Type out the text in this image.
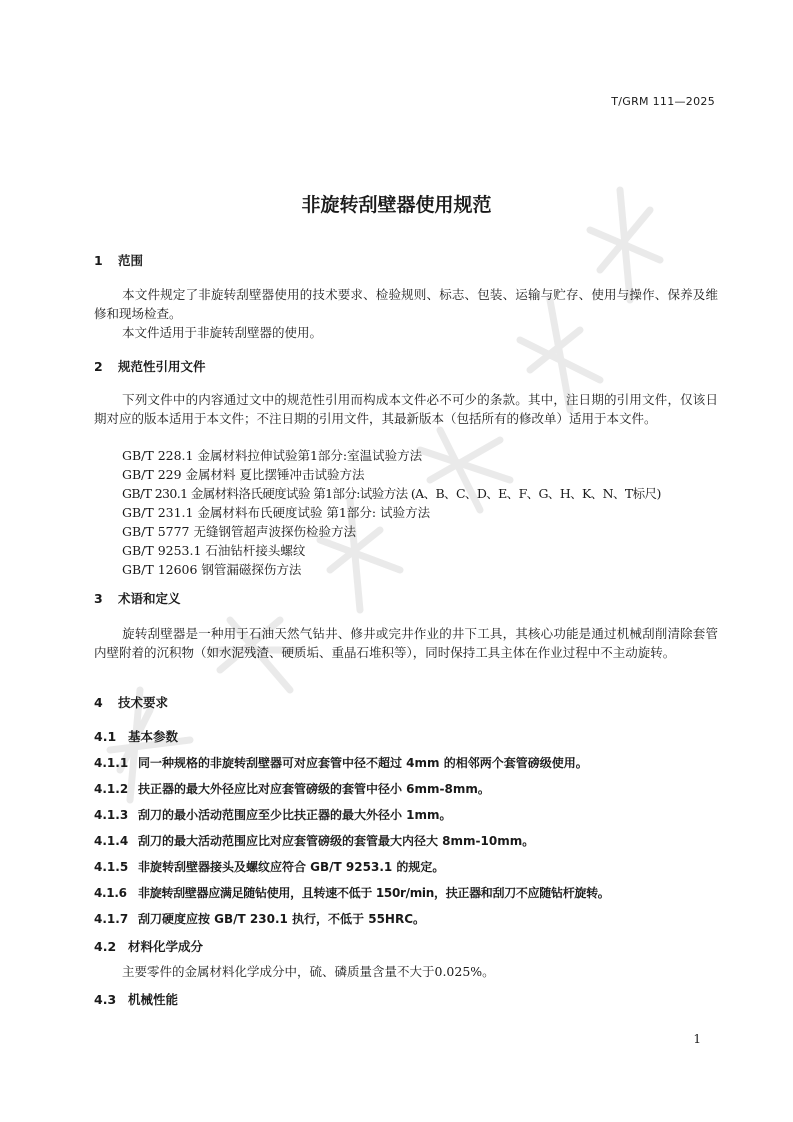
T/GRM 111—2025
非旋转刮壁器使用规范
1 范围
本文件规定了非旋转刮壁器使用的技术要求、检验规则、标志、包装、运输与贮存、使用与操作、保养及维修和现场检查。
本文件适用于非旋转刮壁器的使用。
2 规范性引用文件
下列文件中的内容通过文中的规范性引用而构成本文件必不可少的条款。其中，注日期的引用文件，仅该日期对应的版本适用于本文件；不注日期的引用文件，其最新版本（包括所有的修改单）适用于本文件。
GB/T 228.1 金属材料拉伸试验第1部分:室温试验方法
GB/T 229 金属材料 夏比摆锤冲击试验方法
GB/T 230.1 金属材料洛氏硬度试验 第1部分:试验方法 (A、B、C、D、E、F、G、H、K、N、T标尺)
GB/T 231.1 金属材料布氏硬度试验 第1部分: 试验方法
GB/T 5777 无缝钢管超声波探伤检验方法
GB/T 9253.1 石油钻杆接头螺纹
GB/T 12606 钢管漏磁探伤方法
3 术语和定义
旋转刮壁器是一种用于石油天然气钻井、修井或完井作业的井下工具，其核心功能是通过机械刮削清除套管内壁附着的沉积物（如水泥残渣、硬质垢、重晶石堆积等），同时保持工具主体在作业过程中不主动旋转。
4 技术要求
4.1 基本参数
4.1.1 同一种规格的非旋转刮壁器可对应套管中径不超过 4mm 的相邻两个套管磅级使用。
4.1.2 扶正器的最大外径应比对应套管磅级的套管中径小 6mm-8mm。
4.1.3 刮刀的最小活动范围应至少比扶正器的最大外径小 1mm。
4.1.4 刮刀的最大活动范围应比对应套管磅级的套管最大内径大 8mm-10mm。
4.1.5 非旋转刮壁器接头及螺纹应符合 GB/T 9253.1 的规定。
4.1.6 非旋转刮壁器应满足随钻使用，且转速不低于 150r/min，扶正器和刮刀不应随钻杆旋转。
4.1.7 刮刀硬度应按 GB/T 230.1 执行，不低于 55HRC。
4.2 材料化学成分
主要零件的金属材料化学成分中，硫、磷质量含量不大于0.025%。
4.3 机械性能
1
